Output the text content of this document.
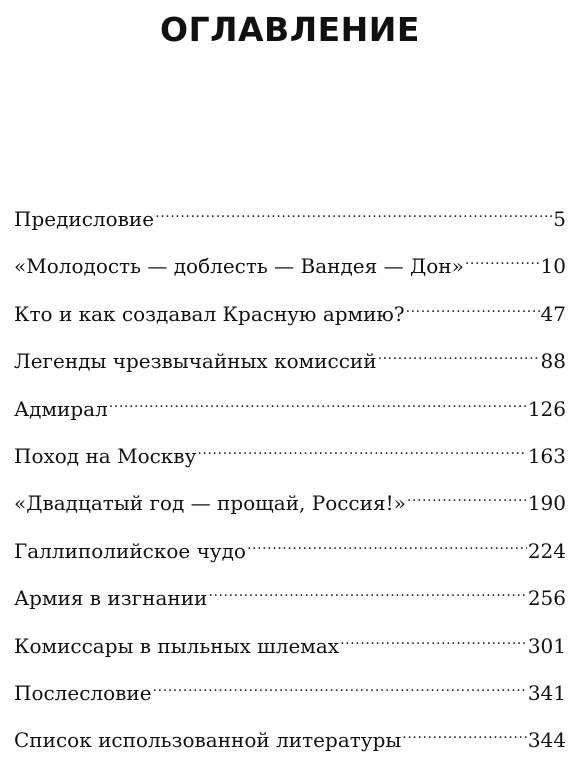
ОГЛАВЛЕНИЕ
Предисловие .....	5
«Молодость — доблесть — Вандея — Дон» .....	10
Кто и как создавал Красную армию? .....	47
Легенды чрезвычайных комиссий .....	88
Адмирал .....	126
Поход на Москву .....	163
«Двадцатый год — прощай, Россия!» .....	190
Галлиполийское чудо .....	224
Армия в изгнании .....	256
Комиссары в пыльных шлемах .....	301
Послесловие .....	341
Список использованной литературы .....	344
